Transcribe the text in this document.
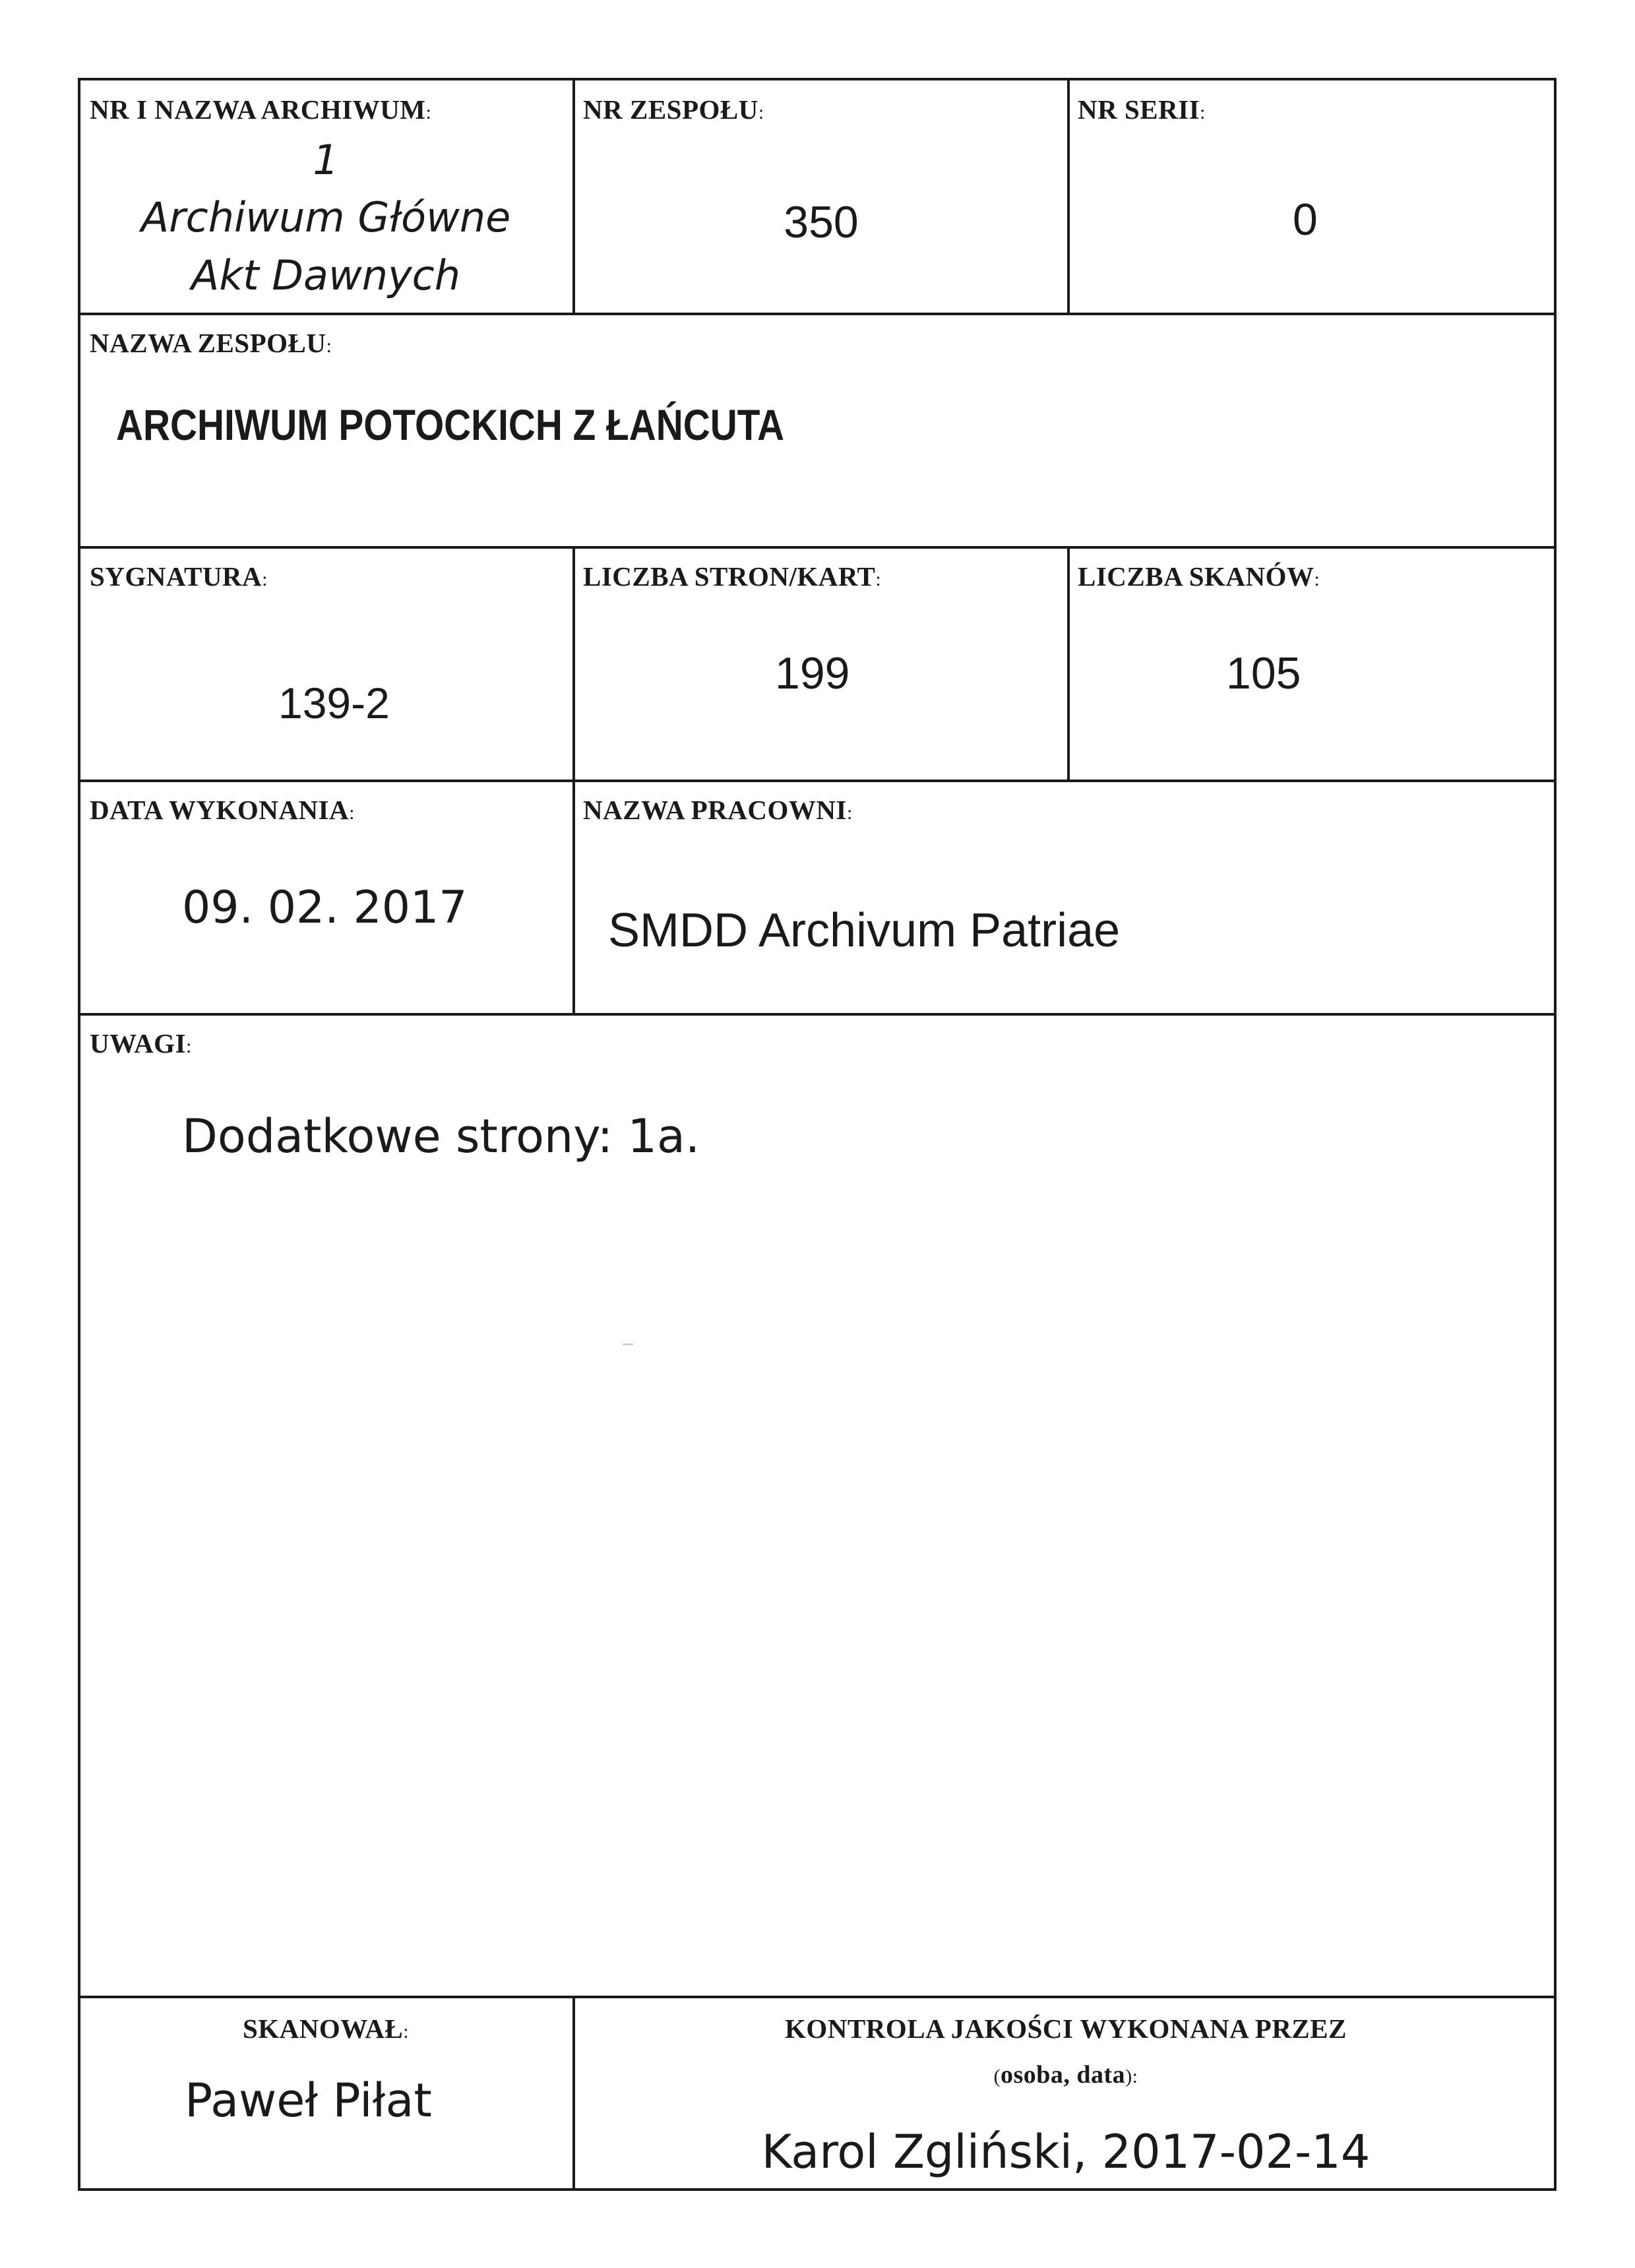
NR I NAZWA ARCHIWUM:
1
Archiwum Główne
Akt Dawnych
NR ZESPOŁU:
350
NR SERII:
0
NAZWA ZESPOŁU:
ARCHIWUM POTOCKICH Z ŁAŃCUTA
SYGNATURA:
139-2
LICZBA STRON/KART:
199
LICZBA SKANÓW:
105
DATA WYKONANIA:
09. 02. 2017
NAZWA PRACOWNI:
SMDD Archivum Patriae
UWAGI:
Dodatkowe strony: 1a.
SKANOWAŁ:
Paweł Piłat
KONTROLA JAKOŚCI WYKONANA PRZEZ
(osoba, data):
Karol Zgliński, 2017-02-14
